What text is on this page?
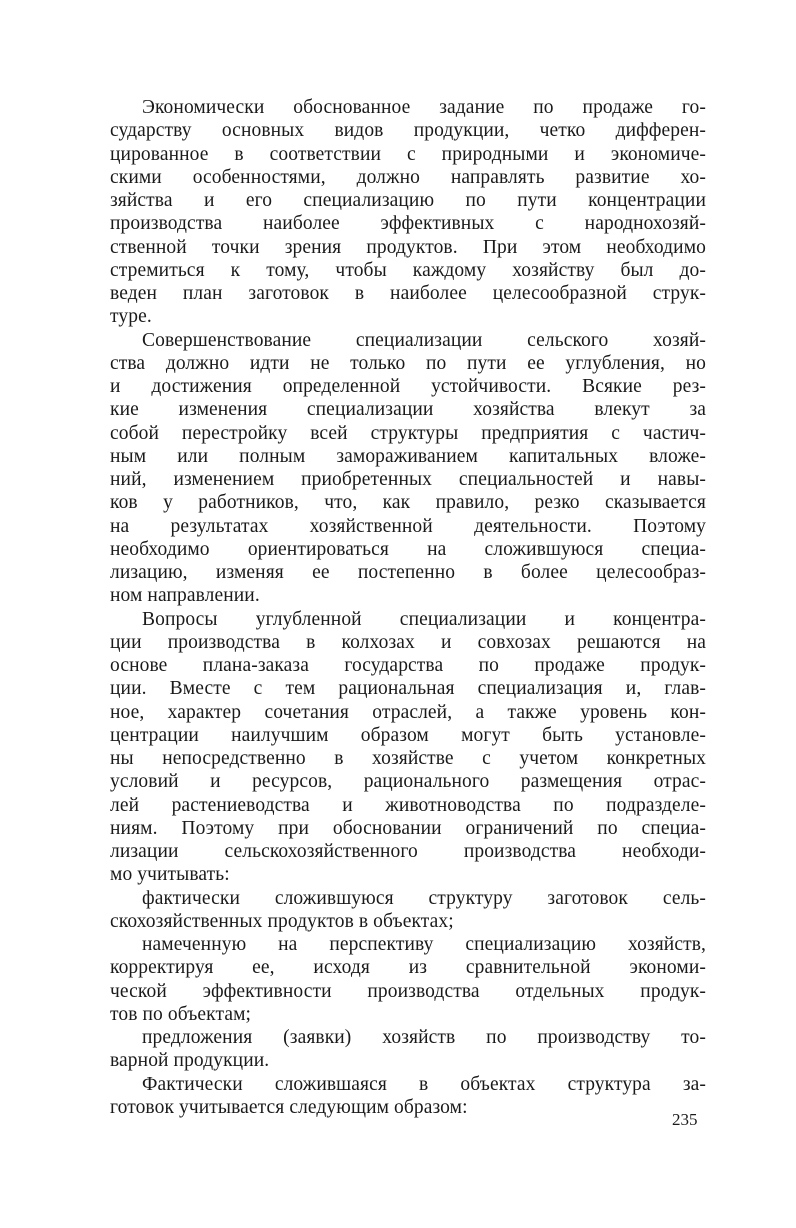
Экономически обоснованное задание по продаже го-
сударству основных видов продукции, четко дифферен-
цированное в соответствии с природными и экономиче-
скими особенностями, должно направлять развитие хо-
зяйства и его специализацию по пути концентрации
производства наиболее эффективных с народнохозяй-
ственной точки зрения продуктов. При этом необходимо
стремиться к тому, чтобы каждому хозяйству был до-
веден план заготовок в наиболее целесообразной струк-
туре.
Совершенствование специализации сельского хозяй-
ства должно идти не только по пути ее углубления, но
и достижения определенной устойчивости. Всякие рез-
кие изменения специализации хозяйства влекут за
собой перестройку всей структуры предприятия с частич-
ным или полным замораживанием капитальных вложе-
ний, изменением приобретенных специальностей и навы-
ков у работников, что, как правило, резко сказывается
на результатах хозяйственной деятельности. Поэтому
необходимо ориентироваться на сложившуюся специа-
лизацию, изменяя ее постепенно в более целесообраз-
ном направлении.
Вопросы углубленной специализации и концентра-
ции производства в колхозах и совхозах решаются на
основе плана-заказа государства по продаже продук-
ции. Вместе с тем рациональная специализация и, глав-
ное, характер сочетания отраслей, а также уровень кон-
центрации наилучшим образом могут быть установле-
ны непосредственно в хозяйстве с учетом конкретных
условий и ресурсов, рационального размещения отрас-
лей растениеводства и животноводства по подразделе-
ниям. Поэтому при обосновании ограничений по специа-
лизации сельскохозяйственного производства необходи-
мо учитывать:
фактически сложившуюся структуру заготовок сель-
скохозяйственных продуктов в объектах;
намеченную на перспективу специализацию хозяйств,
корректируя ее, исходя из сравнительной экономи-
ческой эффективности производства отдельных продук-
тов по объектам;
предложения (заявки) хозяйств по производству то-
варной продукции.
Фактически сложившаяся в объектах структура за-
готовок учитывается следующим образом:
235
